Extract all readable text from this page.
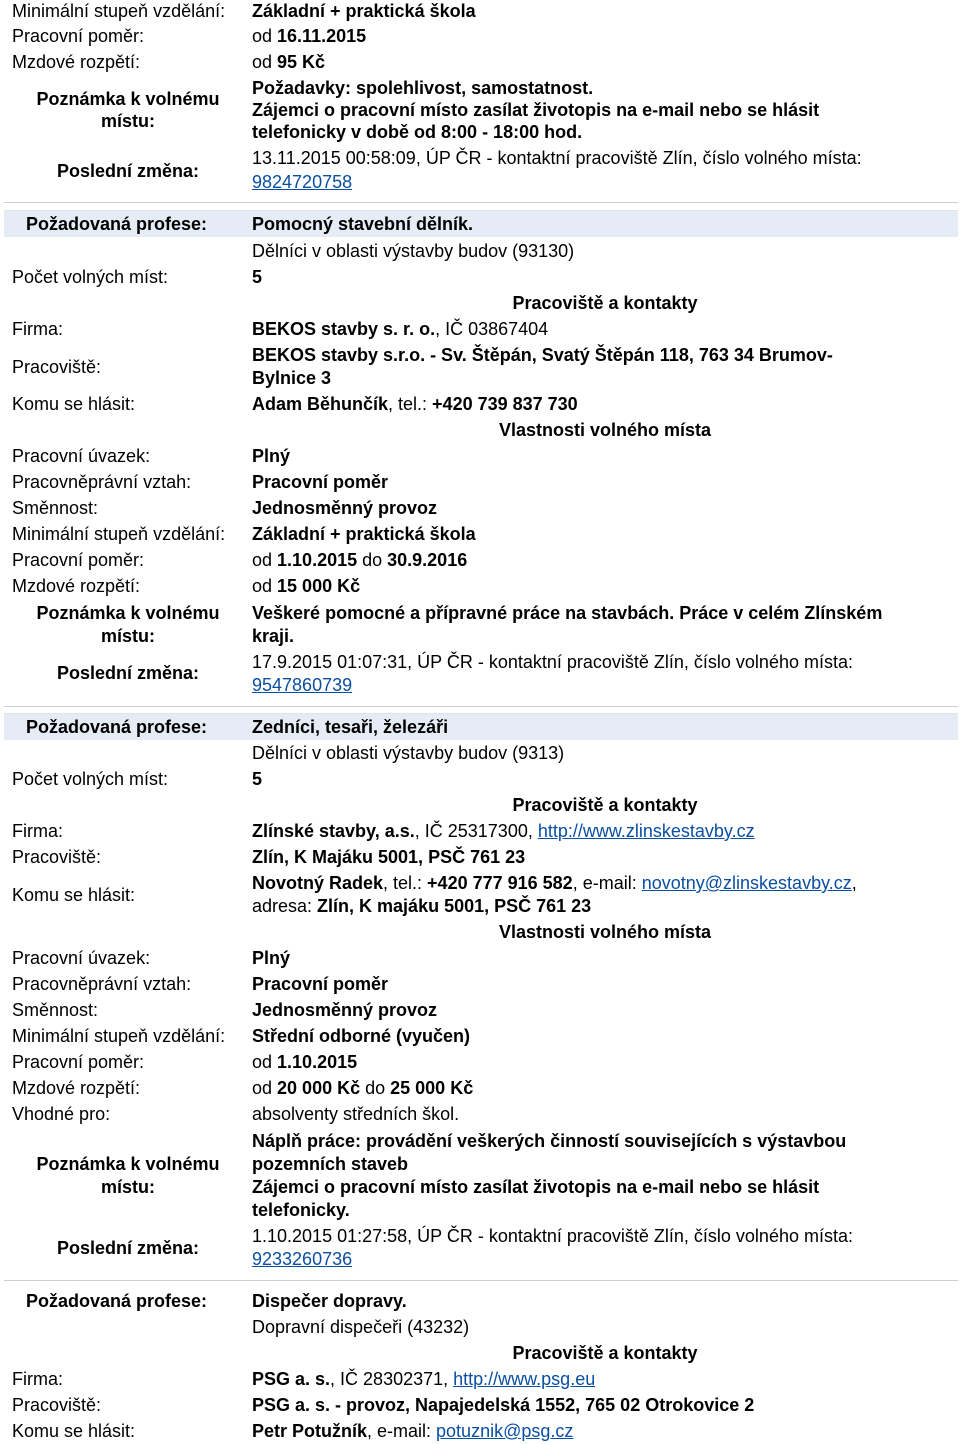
Minimální stupeň vzdělání: Základní + praktická škola
Pracovní poměr:	od 16.11.2015
Mzdové rozpětí:	od 95 Kč
Poznámka k volnému
místu:
Požadavky: spolehlivost, samostatnost.
Zájemci o pracovní místo zasílat životopis na e-mail nebo se hlásit
telefonicky v době od 8:00 - 18:00 hod.
Poslední změna:
13.11.2015 00:58:09, ÚP ČR - kontaktní pracoviště Zlín, číslo volného místa:
9824720758
Požadovaná profese: Pomocný stavební dělník.
Dělníci v oblasti výstavby budov (93130)
Počet volných míst:	5
Pracoviště a kontakty
Firma:	BEKOS stavby s. r. o., IČ 03867404
Pracoviště:
BEKOS stavby s.r.o. - Sv. Štěpán, Svatý Štěpán 118, 763 34 Brumov-
Bylnice 3
Komu se hlásit:	Adam Běhunčík, tel.: +420 739 837 730
Vlastnosti volného místa
Pracovní úvazek:	Plný
Pracovněprávní vztah:	Pracovní poměr
Směnnost:	Jednosměnný provoz
Minimální stupeň vzdělání: Základní + praktická škola
Pracovní poměr:	od 1.10.2015 do 30.9.2016
Mzdové rozpětí:	od 15 000 Kč
Poznámka k volnému
místu:
Veškeré pomocné a přípravné práce na stavbách. Práce v celém Zlínském
kraji.
Poslední změna:
17.9.2015 01:07:31, ÚP ČR - kontaktní pracoviště Zlín, číslo volného místa:
9547860739
Požadovaná profese: Zedníci, tesaři, železáři
Dělníci v oblasti výstavby budov (9313)
Počet volných míst:	5
Pracoviště a kontakty
Firma:	Zlínské stavby, a.s., IČ 25317300, http://www.zlinskestavby.cz
Pracoviště:	Zlín, K Majáku 5001, PSČ 761 23
Komu se hlásit:
Novotný Radek, tel.: +420 777 916 582, e-mail: novotny@zlinskestavby.cz,
adresa: Zlín, K majáku 5001, PSČ 761 23
Vlastnosti volného místa
Pracovní úvazek:	Plný
Pracovněprávní vztah:	Pracovní poměr
Směnnost:	Jednosměnný provoz
Minimální stupeň vzdělání: Střední odborné (vyučen)
Pracovní poměr:	od 1.10.2015
Mzdové rozpětí:	od 20 000 Kč do 25 000 Kč
Vhodné pro:	absolventy středních škol.
Poznámka k volnému
místu:
Náplň práce: provádění veškerých činností souvisejících s výstavbou
pozemních staveb
Zájemci o pracovní místo zasílat životopis na e-mail nebo se hlásit
telefonicky.
Poslední změna:
1.10.2015 01:27:58, ÚP ČR - kontaktní pracoviště Zlín, číslo volného místa:
9233260736
Požadovaná profese: Dispečer dopravy.
Dopravní dispečeři (43232)
Pracoviště a kontakty
Firma:	PSG a. s., IČ 28302371, http://www.psg.eu
Pracoviště:	PSG a. s. - provoz, Napajedelská 1552, 765 02 Otrokovice 2
Komu se hlásit:	Petr Potužník, e-mail: potuznik@psg.cz
